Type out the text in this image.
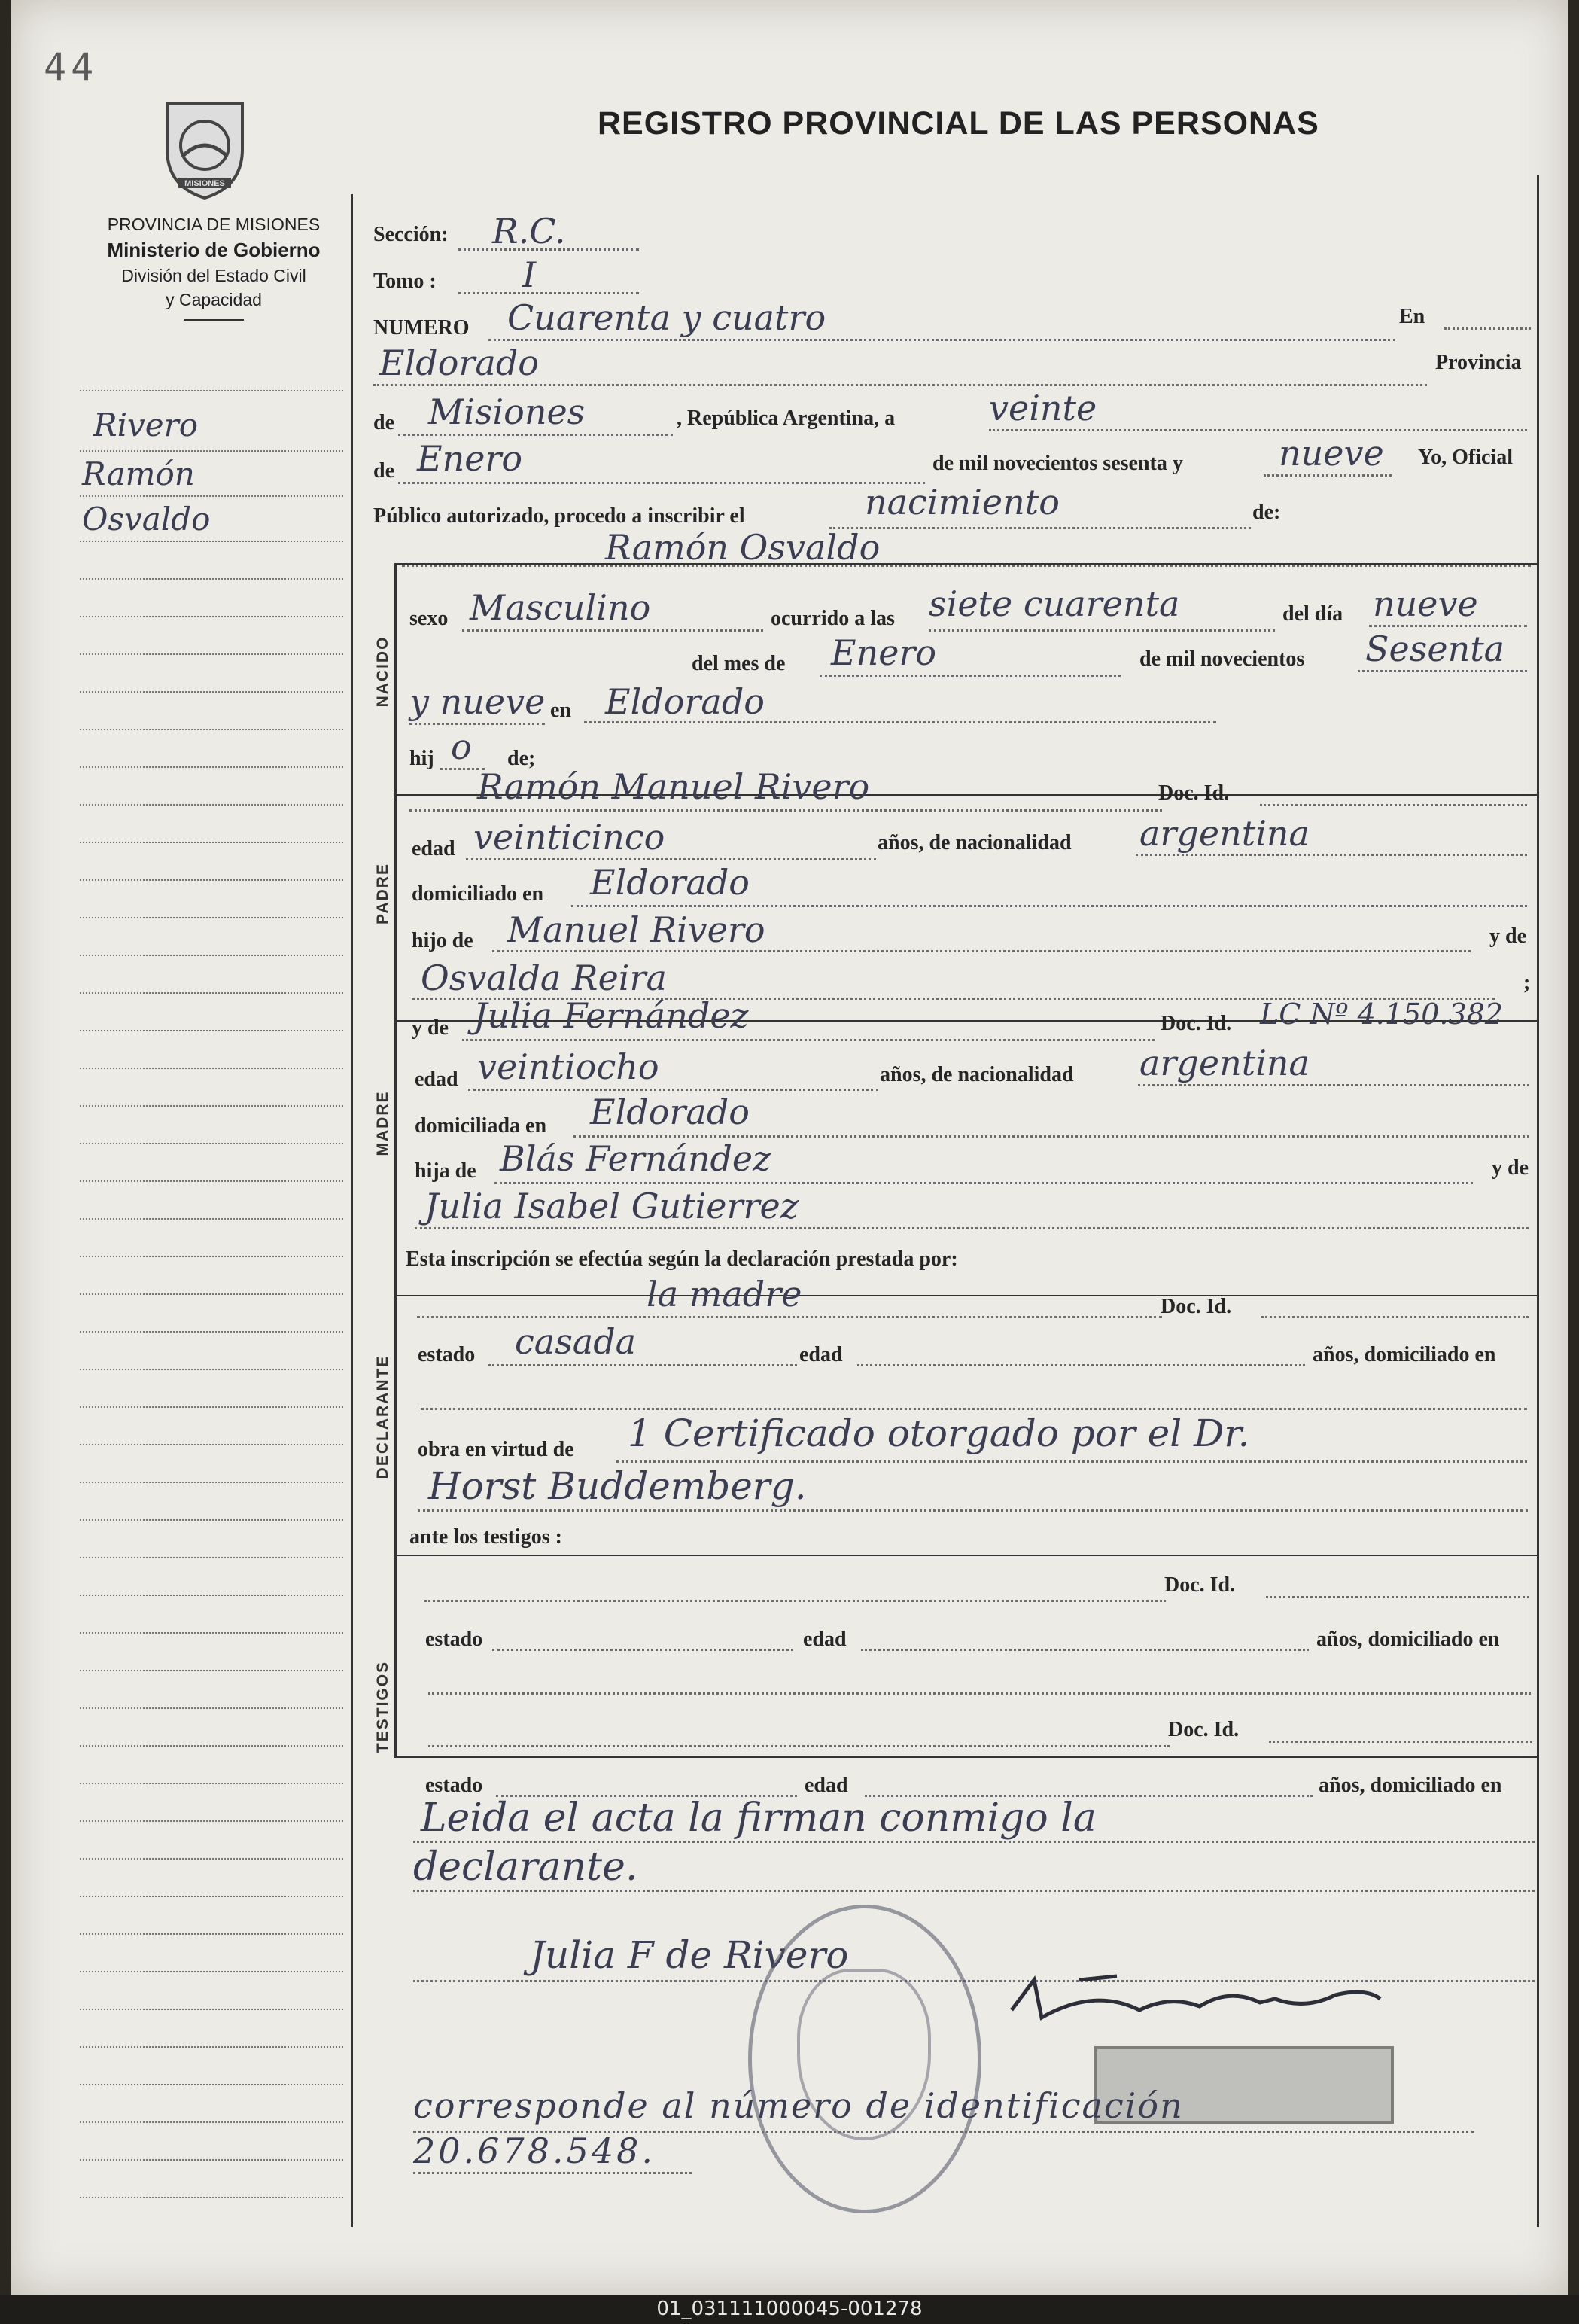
44
MISIONES
REGISTRO PROVINCIAL DE LAS PERSONAS
PROVINCIA DE MISIONES
Ministerio de Gobierno
División del Estado Civil
y Capacidad
Rivero
Ramón
Osvaldo
NACIDO
PADRE
MADRE
DECLARANTE
TESTIGOS
Sección: R.C.
Tomo : I
NUMERO Cuarenta y cuatro	En
Eldorado	Provincia
de Misiones	, República Argentina, a	veinte
de Enero	de mil novecientos sesenta y	nueve Yo, Oficial
Público autorizado, procedo a inscribir el	nacimiento	de:
Ramón Osvaldo
sexo Masculino	ocurrido a las siete cuarenta	del día nueve
del mes de Enero	de mil novecientos Sesenta
y nueve en Eldorado
hij o de;
Ramón Manuel Rivero	Doc. Id.
edad veinticinco	años, de nacionalidad argentina
domiciliado en Eldorado
hijo de Manuel Rivero	y de
Osvalda Reira	;
y de Julia Fernández	Doc. Id. LC Nº 4.150.382
edad veintiocho	años, de nacionalidad argentina
domiciliada en Eldorado
hija de Blás Fernández	y de
Julia Isabel Gutierrez
Esta inscripción se efectúa según la declaración prestada por:
la madre	Doc. Id.
estado casada	edad	años, domiciliado en
obra en virtud de 1 Certificado otorgado por el Dr.
Horst Buddemberg.
ante los testigos :
Doc. Id.
estado	edad	años, domiciliado en
Doc. Id.
estado	edad	años, domiciliado en
Leida el acta la firman conmigo la
declarante.
Julia F de Rivero
corresponde al número de identificación
20.678.548.
01_031111000045-001278
